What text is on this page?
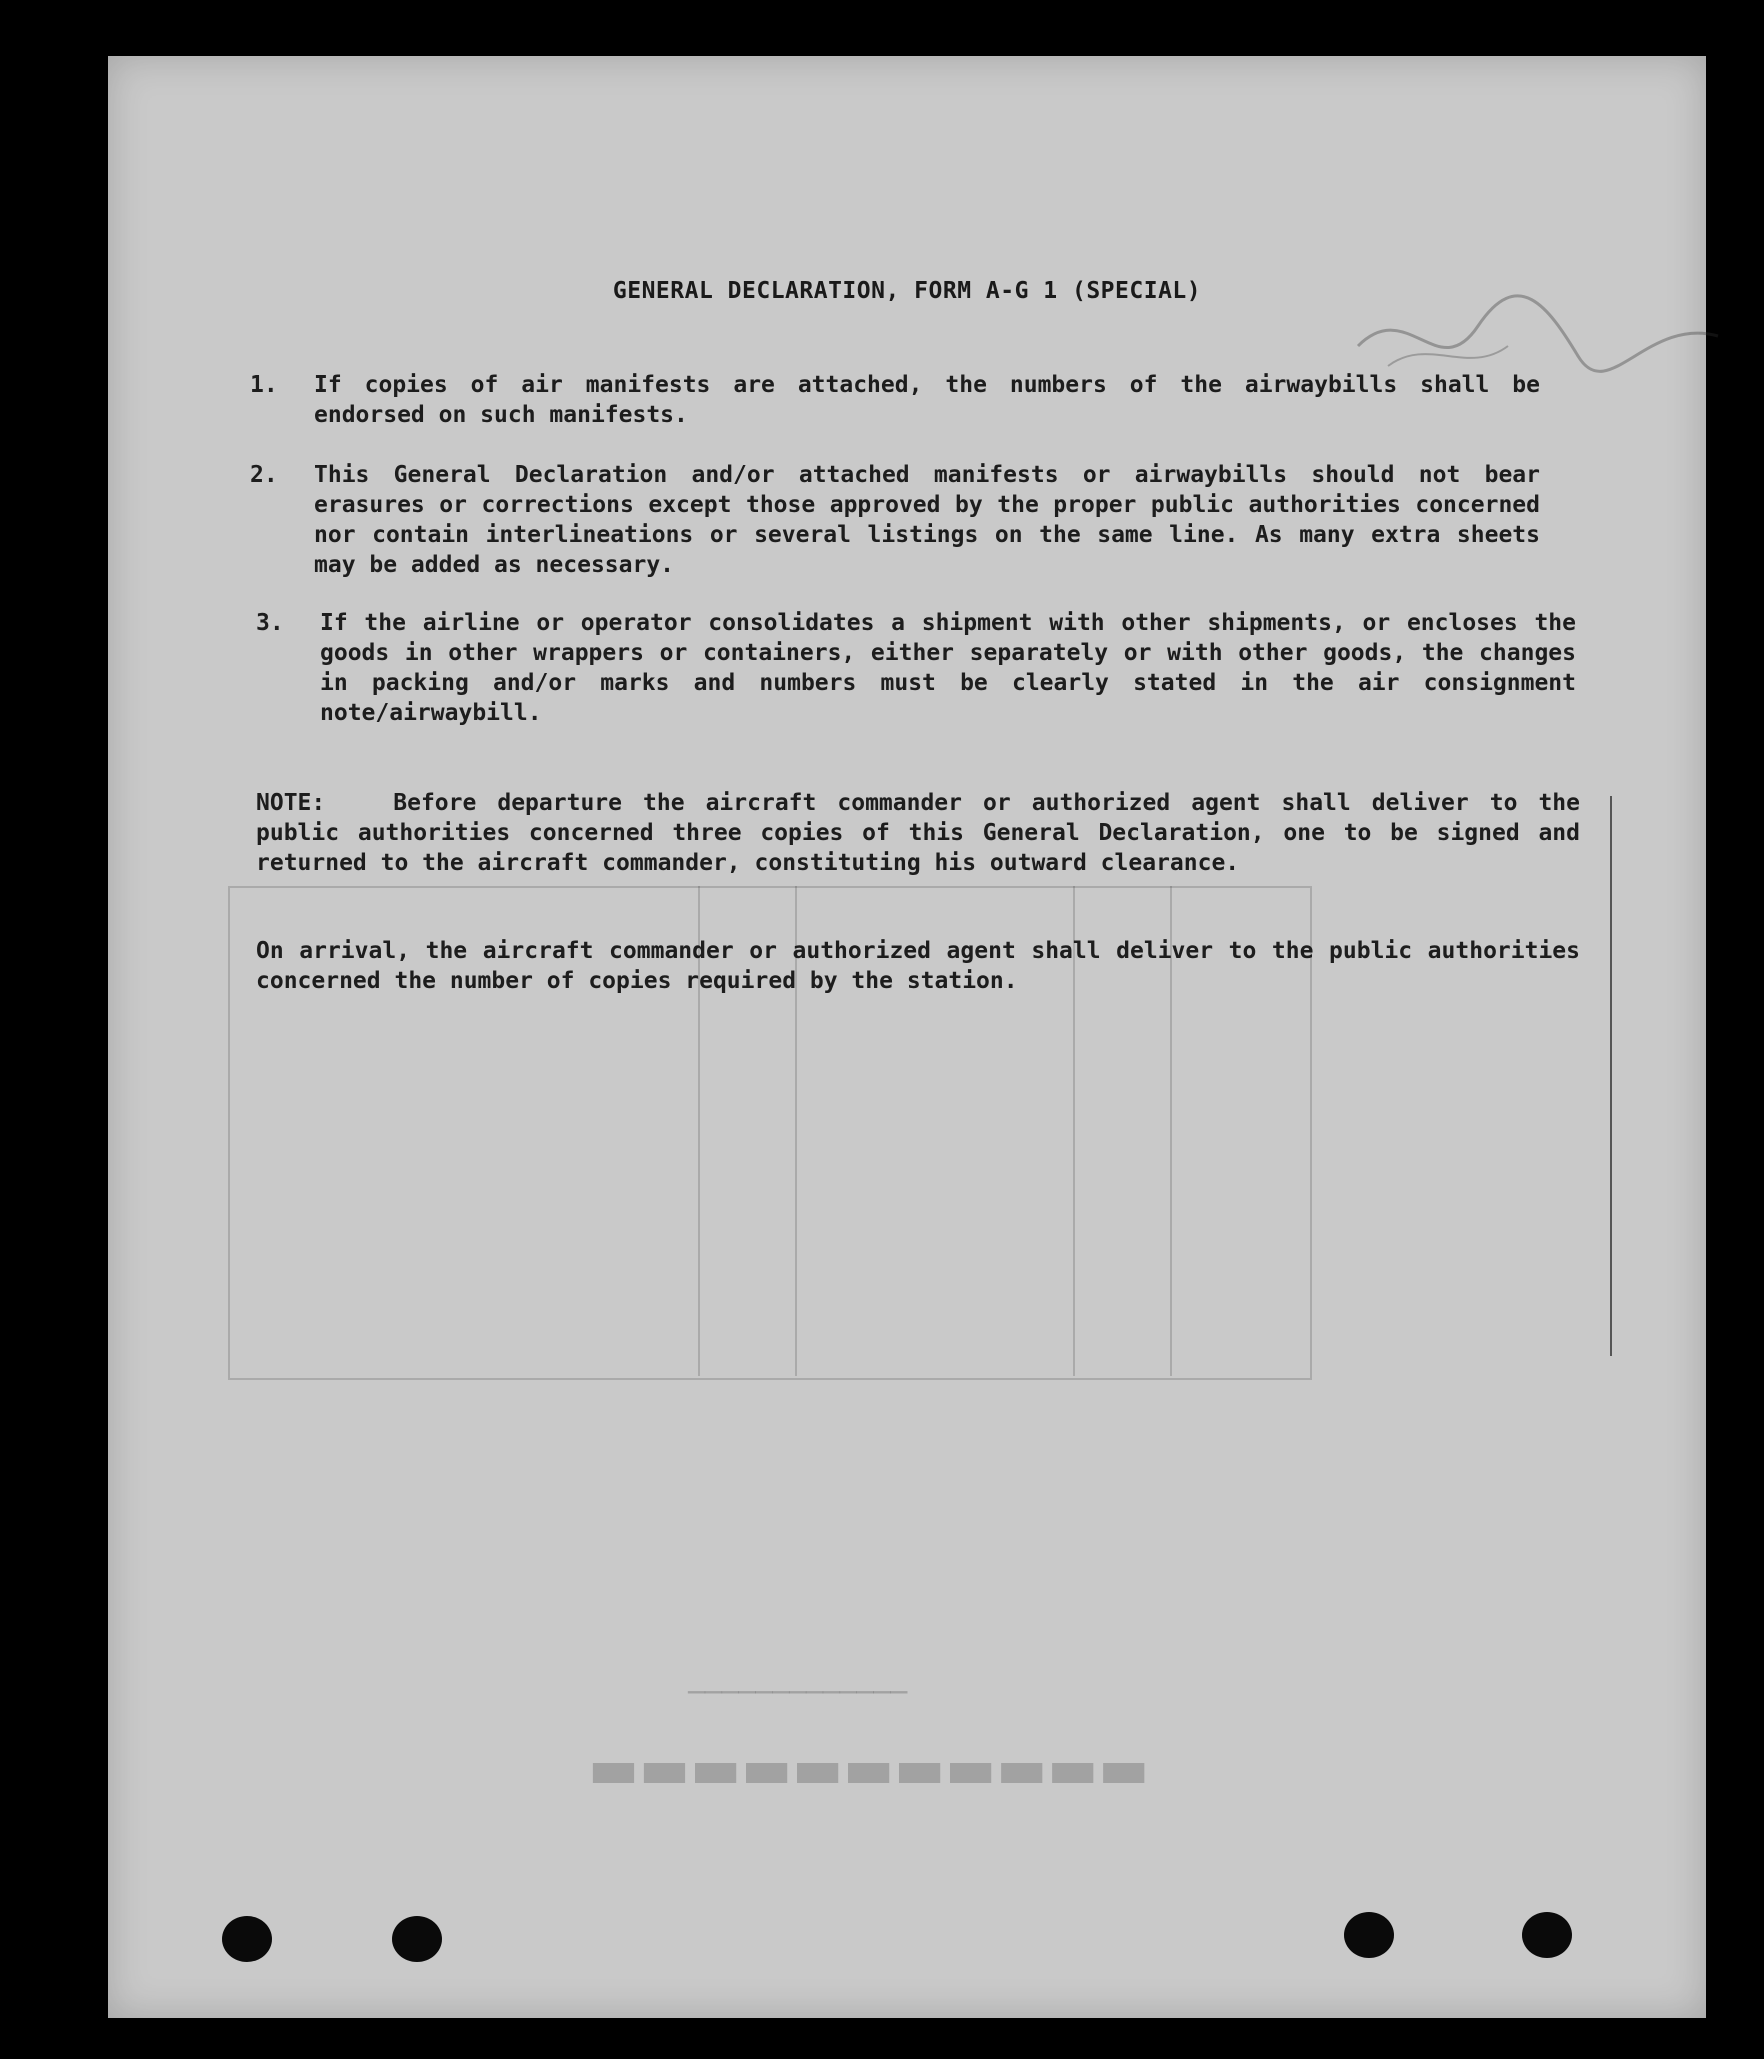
▬▬▬▬▬▬▬▬▬▬▬
─────────────
GENERAL DECLARATION, FORM A-G 1 (SPECIAL)
1.	If copies of air manifests are attached, the numbers of the airwaybills shall be endorsed on such manifests.
2.	This General Declaration and/or attached manifests or airwaybills should not bear erasures or corrections except those approved by the proper public authorities concerned nor contain interlineations or several listings on the same line. As many extra sheets may be added as necessary.
3.	If the airline or operator consolidates a shipment with other shipments, or encloses the goods in other wrappers or containers, either separately or with other goods, the changes in packing and/or marks and numbers must be clearly stated in the air consignment note/airwaybill.
NOTE:	Before departure the aircraft commander or authorized agent shall deliver to the public authorities concerned three copies of this General Declaration, one to be signed and returned to the aircraft commander, constituting his outward clearance.
On arrival, the aircraft commander or authorized agent shall deliver to the public authorities concerned the number of copies required by the station.
